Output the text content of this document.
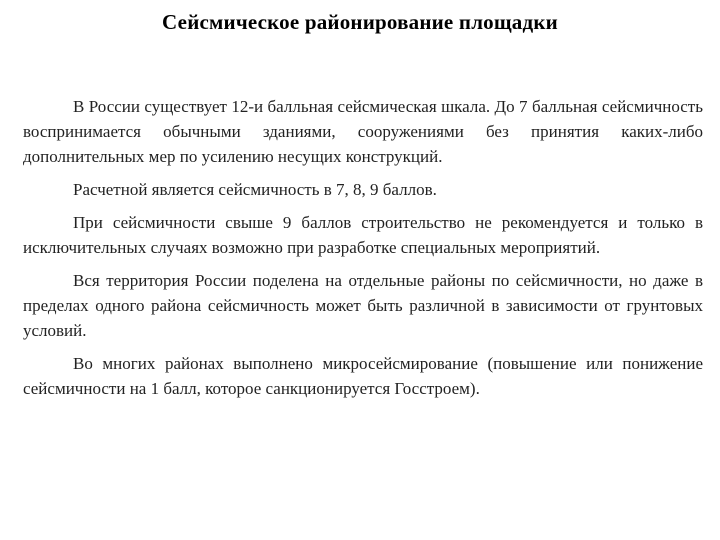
Сейсмическое районирование площадки

В России существует 12-и балльная сейсмическая шкала. До 7 балльная сейсмичность воспринимается обычными зданиями, сооружениями без принятия каких-либо дополнительных мер по усилению несущих конструкций.

Расчетной является сейсмичность в 7, 8, 9 баллов.

При сейсмичности свыше 9 баллов строительство не рекомендуется и только в исключительных случаях возможно при разработке специальных мероприятий.

Вся территория России поделена на отдельные районы по сейсмичности, но даже в пределах одного района сейсмичность может быть различной в зависимости от грунтовых условий.

Во многих районах выполнено микросейсмирование (повышение или понижение сейсмичности на 1 балл, которое санкционируется Госстроем).
